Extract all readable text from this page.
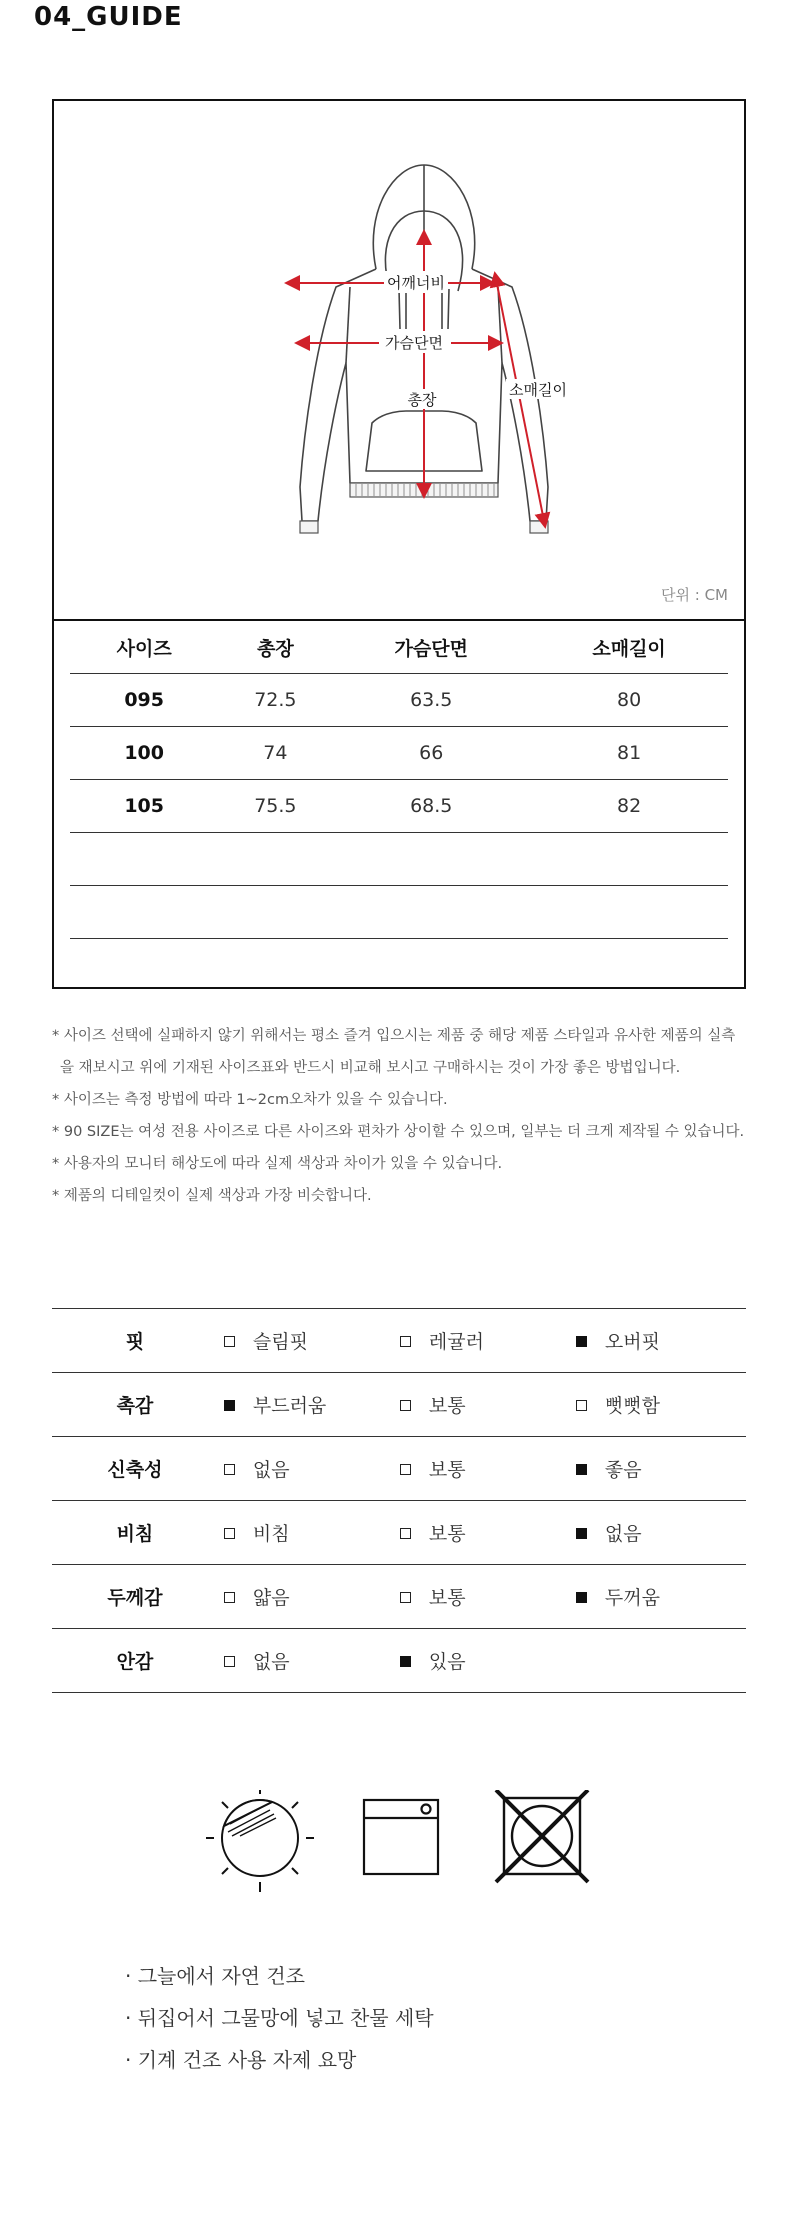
04_GUIDE
어깨너비
가슴단면
총장
소매길이
단위 : CM
사이즈	총장	가슴단면	소매길이
095	72.5	63.5	80
100	74	66	81
105	75.5	68.5	82

* 사이즈 선택에 실패하지 않기 위해서는 평소 즐겨 입으시는 제품 중 해당 제품 스타일과 유사한 제품의 실측
을 재보시고 위에 기재된 사이즈표와 반드시 비교해 보시고 구매하시는 것이 가장 좋은 방법입니다.
* 사이즈는 측정 방법에 따라 1~2cm오차가 있을 수 있습니다.
* 90 SIZE는 여성 전용 사이즈로 다른 사이즈와 편차가 상이할 수 있으며, 일부는 더 크게 제작될 수 있습니다.
* 사용자의 모니터 해상도에 따라 실제 색상과 차이가 있을 수 있습니다.
* 제품의 디테일컷이 실제 색상과 가장 비슷합니다.
핏	슬림핏	레귤러	오버핏
촉감	부드러움	보통	뻣뻣함
신축성	없음	보통	좋음
비침	비침	보통	없음
두께감	얇음	보통	두꺼움
안감	없음	있음	
· 그늘에서 자연 건조
· 뒤집어서 그물망에 넣고 찬물 세탁
· 기계 건조 사용 자제 요망
